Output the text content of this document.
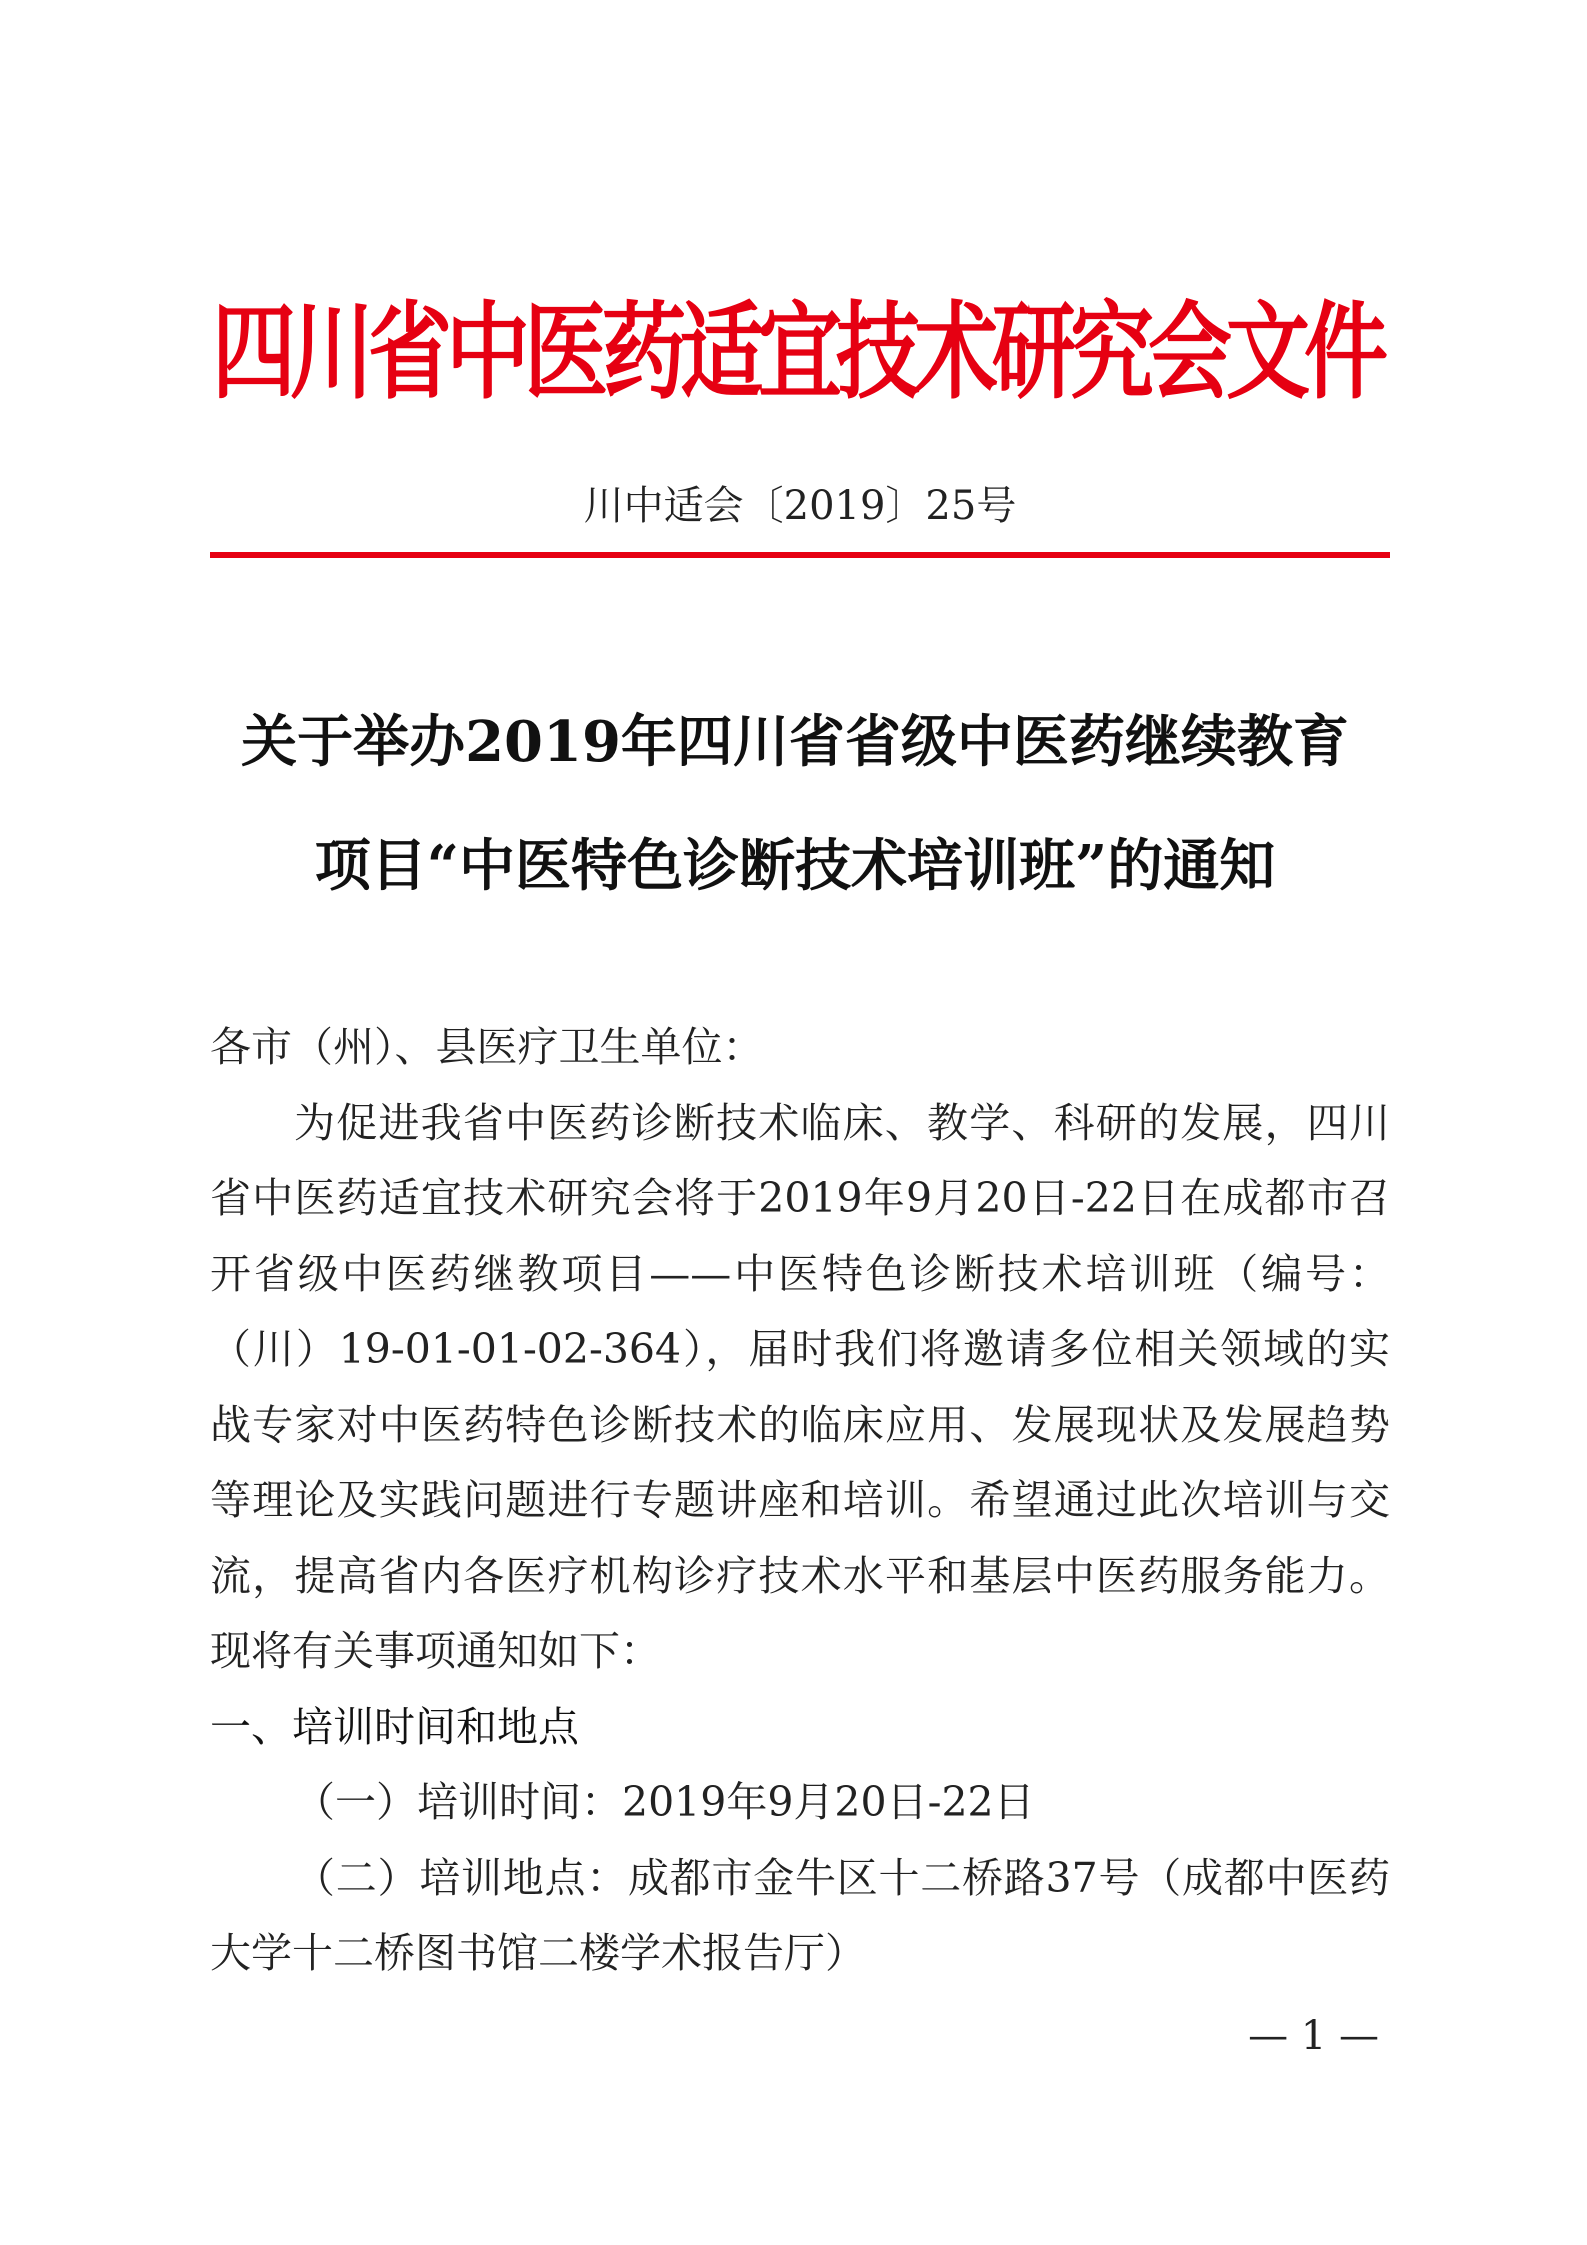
四川省中医药适宜技术研究会文件
川中适会〔2019〕25号
关于举办2019年四川省省级中医药继续教育
项目“中医特色诊断技术培训班”的通知

各市（州）、县医疗卫生单位：

为促进我省中医药诊断技术临床、教学、科研的发展，四川省中医药适宜技术研究会将于2019年9月20日-22日在成都市召开省级中医药继教项目——中医特色诊断技术培训班（编号：（川）19-01-01-02-364），届时我们将邀请多位相关领域的实战专家对中医药特色诊断技术的临床应用、发展现状及发展趋势等理论及实践问题进行专题讲座和培训。希望通过此次培训与交流，提高省内各医疗机构诊疗技术水平和基层中医药服务能力。现将有关事项通知如下：

一、培训时间和地点

（一）培训时间：2019年9月20日-22日

（二）培训地点：成都市金牛区十二桥路37号（成都中医药大学十二桥图书馆二楼学术报告厅）

— 1 —
